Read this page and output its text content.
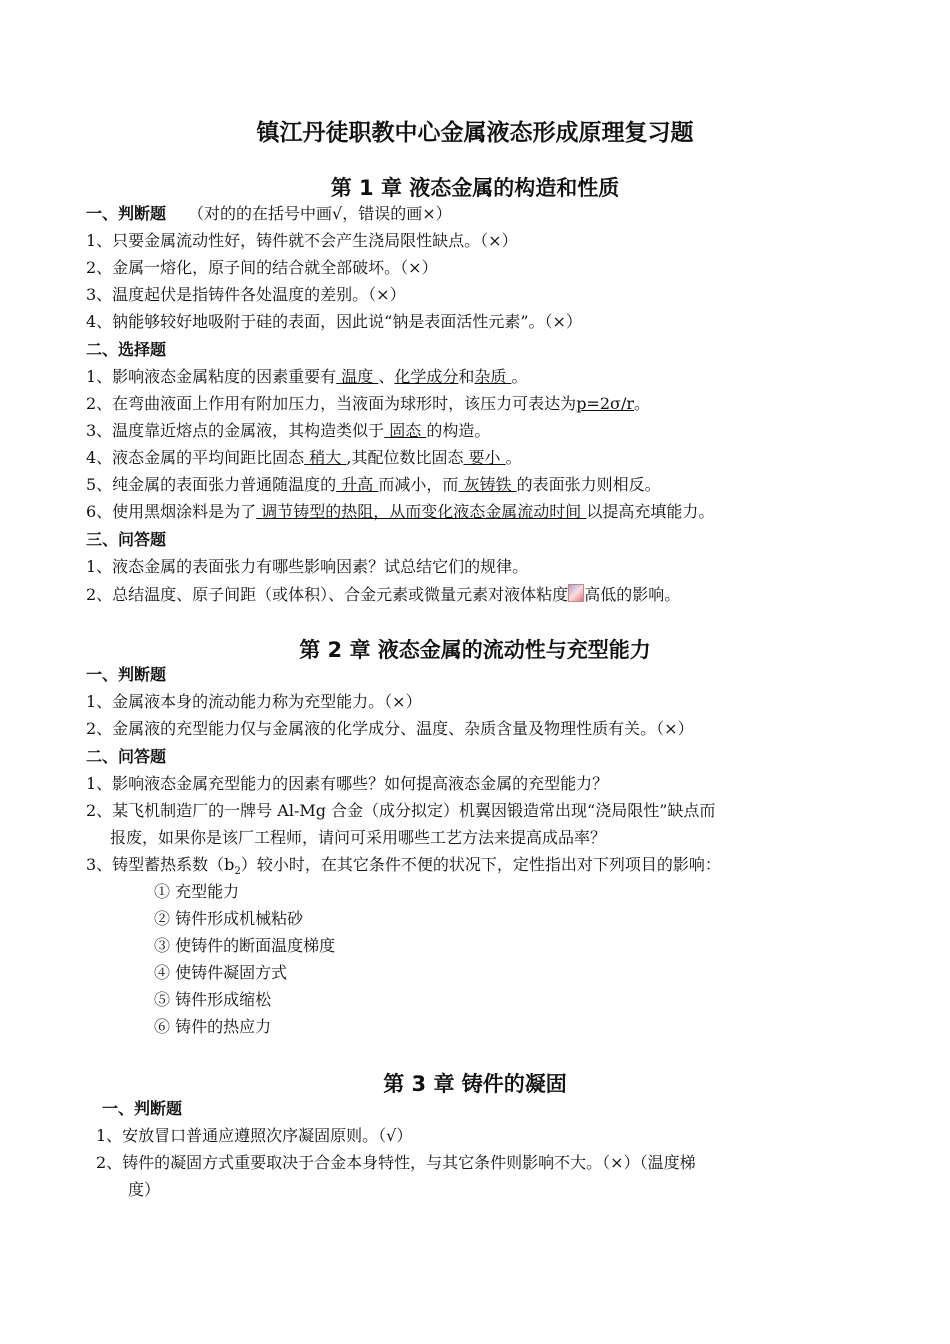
镇江丹徒职教中心金属液态形成原理复习题
第 1 章 液态金属的构造和性质
一、判断题 （对的的在括号中画√，错误的画×）
1、只要金属流动性好，铸件就不会产生浇局限性缺点。（×）
2、金属一熔化，原子间的结合就全部破坏。（×）
3、温度起伏是指铸件各处温度的差别。（×）
4、钠能够较好地吸附于硅的表面，因此说“钠是表面活性元素”。（×）
二、选择题
1、影响液态金属粘度的因素重要有 温度 、化学成分和杂质 。
2、在弯曲液面上作用有附加压力，当液面为球形时，该压力可表达为p=2σ/r。
3、温度靠近熔点的金属液，其构造类似于 固态 的构造。
4、液态金属的平均间距比固态 稍大 ,其配位数比固态 要小 。
5、纯金属的表面张力普通随温度的 升高 而减小，而 灰铸铁 的表面张力则相反。
6、使用黑烟涂料是为了 调节铸型的热阻，从而变化液态金属流动时间 以提高充填能力。
三、问答题
1、液态金属的表面张力有哪些影响因素？试总结它们的规律。
2、总结温度、原子间距（或体积）、合金元素或微量元素对液体粘度 高低的影响。
第 2 章 液态金属的流动性与充型能力
一、判断题
1、金属液本身的流动能力称为充型能力。（×）
2、金属液的充型能力仅与金属液的化学成分、温度、杂质含量及物理性质有关。（×）
二、问答题
1、影响液态金属充型能力的因素有哪些？如何提高液态金属的充型能力？
2、某飞机制造厂的一牌号 Al-Mg 合金（成分拟定）机翼因锻造常出现“浇局限性”缺点而
报废，如果你是该厂工程师，请问可采用哪些工艺方法来提高成品率？
3、铸型蓄热系数$(b_2)$较小时，在其它条件不便的状况下，定性指出对下列项目的影响：
① 充型能力
② 铸件形成机械粘砂
③ 使铸件的断面温度梯度
④ 使铸件凝固方式
⑤ 铸件形成缩松
⑥ 铸件的热应力
第 3 章 铸件的凝固
一、判断题
1、安放冒口普通应遵照次序凝固原则。（√）
2、铸件的凝固方式重要取决于合金本身特性，与其它条件则影响不大。（×）（温度梯
度）
